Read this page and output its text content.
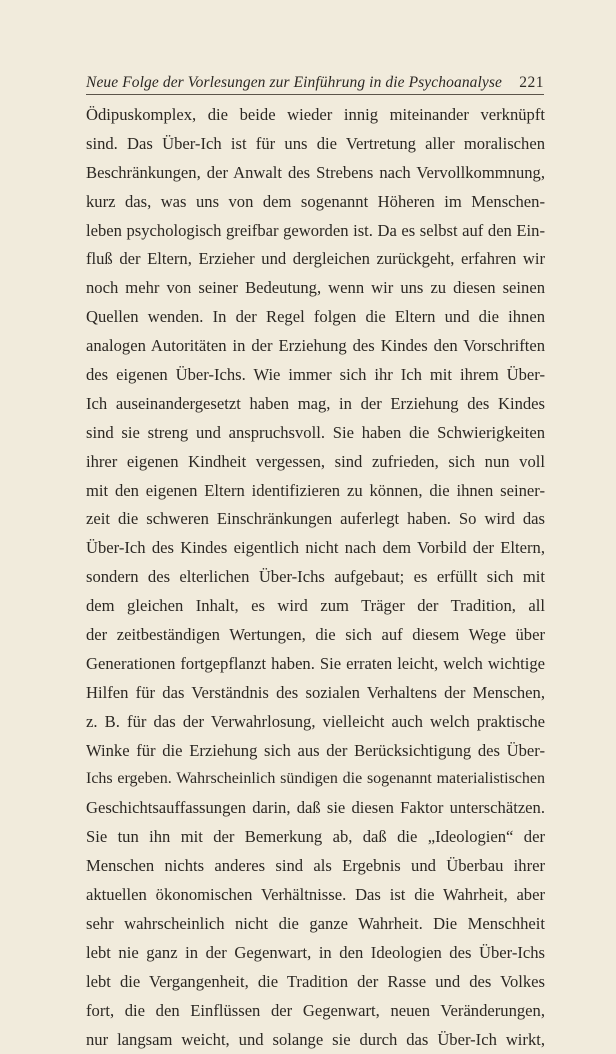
Neue Folge der Vorlesungen zur Einführung in die Psychoanalyse 221
Ödipuskomplex, die beide wieder innig miteinander verknüpft
sind. Das Über-Ich ist für uns die Vertretung aller moralischen
Beschränkungen, der Anwalt des Strebens nach Vervollkommnung,
kurz das, was uns von dem sogenannt Höheren im Menschen-
leben psychologisch greifbar geworden ist. Da es selbst auf den Ein-
fluß der Eltern, Erzieher und dergleichen zurückgeht, erfahren wir
noch mehr von seiner Bedeutung, wenn wir uns zu diesen seinen
Quellen wenden. In der Regel folgen die Eltern und die ihnen
analogen Autoritäten in der Erziehung des Kindes den Vorschriften
des eigenen Über-Ichs. Wie immer sich ihr Ich mit ihrem Über-
Ich auseinandergesetzt haben mag, in der Erziehung des Kindes
sind sie streng und anspruchsvoll. Sie haben die Schwierigkeiten
ihrer eigenen Kindheit vergessen, sind zufrieden, sich nun voll
mit den eigenen Eltern identifizieren zu können, die ihnen seiner-
zeit die schweren Einschränkungen auferlegt haben. So wird das
Über-Ich des Kindes eigentlich nicht nach dem Vorbild der Eltern,
sondern des elterlichen Über-Ichs aufgebaut; es erfüllt sich mit
dem gleichen Inhalt, es wird zum Träger der Tradition, all
der zeitbeständigen Wertungen, die sich auf diesem Wege über
Generationen fortgepflanzt haben. Sie erraten leicht, welch wichtige
Hilfen für das Verständnis des sozialen Verhaltens der Menschen,
z. B. für das der Verwahrlosung, vielleicht auch welch praktische
Winke für die Erziehung sich aus der Berücksichtigung des Über-
Ichs ergeben. Wahrscheinlich sündigen die sogenannt materialistischen
Geschichtsauffassungen darin, daß sie diesen Faktor unterschätzen.
Sie tun ihn mit der Bemerkung ab, daß die „Ideologien“ der
Menschen nichts anderes sind als Ergebnis und Überbau ihrer
aktuellen ökonomischen Verhältnisse. Das ist die Wahrheit, aber
sehr wahrscheinlich nicht die ganze Wahrheit. Die Menschheit
lebt nie ganz in der Gegenwart, in den Ideologien des Über-Ichs
lebt die Vergangenheit, die Tradition der Rasse und des Volkes
fort, die den Einflüssen der Gegenwart, neuen Veränderungen,
nur langsam weicht, und solange sie durch das Über-Ich wirkt,
